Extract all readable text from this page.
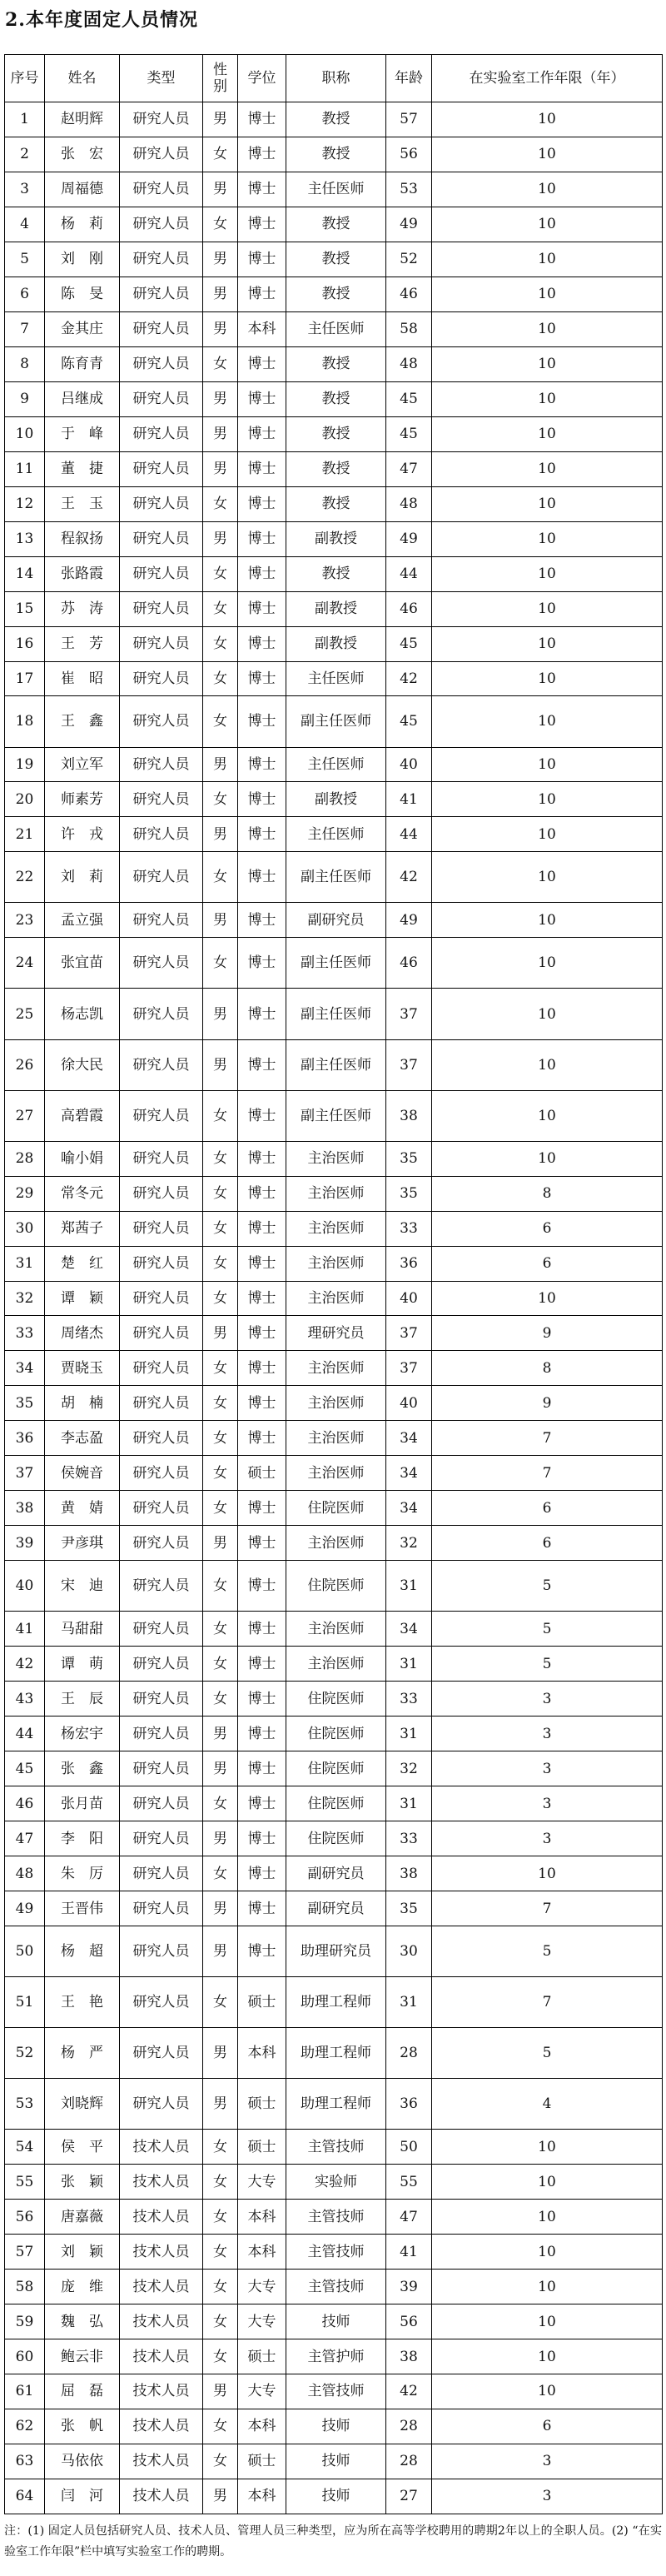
2.本年度固定人员情况
序号	姓名	类型	性别	学位	职称	年龄	在实验室工作年限（年）
1	赵明辉	研究人员	男	博士	教授	57	10
2	张　宏	研究人员	女	博士	教授	56	10
3	周福德	研究人员	男	博士	主任医师	53	10
4	杨　莉	研究人员	女	博士	教授	49	10
5	刘　刚	研究人员	男	博士	教授	52	10
6	陈　旻	研究人员	男	博士	教授	46	10
7	金其庄	研究人员	男	本科	主任医师	58	10
8	陈育青	研究人员	女	博士	教授	48	10
9	吕继成	研究人员	男	博士	教授	45	10
10	于　峰	研究人员	男	博士	教授	45	10
11	董　捷	研究人员	男	博士	教授	47	10
12	王　玉	研究人员	女	博士	教授	48	10
13	程叙扬	研究人员	男	博士	副教授	49	10
14	张路霞	研究人员	女	博士	教授	44	10
15	苏　涛	研究人员	女	博士	副教授	46	10
16	王　芳	研究人员	女	博士	副教授	45	10
17	崔　昭	研究人员	女	博士	主任医师	42	10
18	王　鑫	研究人员	女	博士	副主任医师	45	10
19	刘立军	研究人员	男	博士	主任医师	40	10
20	师素芳	研究人员	女	博士	副教授	41	10
21	许　戎	研究人员	男	博士	主任医师	44	10
22	刘　莉	研究人员	女	博士	副主任医师	42	10
23	孟立强	研究人员	男	博士	副研究员	49	10
24	张宜苗	研究人员	女	博士	副主任医师	46	10
25	杨志凯	研究人员	男	博士	副主任医师	37	10
26	徐大民	研究人员	男	博士	副主任医师	37	10
27	高碧霞	研究人员	女	博士	副主任医师	38	10
28	喻小娟	研究人员	女	博士	主治医师	35	10
29	常冬元	研究人员	女	博士	主治医师	35	8
30	郑茜子	研究人员	女	博士	主治医师	33	6
31	楚　红	研究人员	女	博士	主治医师	36	6
32	谭　颖	研究人员	女	博士	主治医师	40	10
33	周绪杰	研究人员	男	博士	理研究员	37	9
34	贾晓玉	研究人员	女	博士	主治医师	37	8
35	胡　楠	研究人员	女	博士	主治医师	40	9
36	李志盈	研究人员	女	博士	主治医师	34	7
37	侯婉音	研究人员	女	硕士	主治医师	34	7
38	黄　婧	研究人员	女	博士	住院医师	34	6
39	尹彦琪	研究人员	男	博士	主治医师	32	6
40	宋　迪	研究人员	女	博士	住院医师	31	5
41	马甜甜	研究人员	女	博士	主治医师	34	5
42	谭　萌	研究人员	女	博士	主治医师	31	5
43	王　辰	研究人员	女	博士	住院医师	33	3
44	杨宏宇	研究人员	男	博士	住院医师	31	3
45	张　鑫	研究人员	男	博士	住院医师	32	3
46	张月苗	研究人员	女	博士	住院医师	31	3
47	李　阳	研究人员	男	博士	住院医师	33	3
48	朱　厉	研究人员	女	博士	副研究员	38	10
49	王晋伟	研究人员	男	博士	副研究员	35	7
50	杨　超	研究人员	男	博士	助理研究员	30	5
51	王　艳	研究人员	女	硕士	助理工程师	31	7
52	杨　严	研究人员	男	本科	助理工程师	28	5
53	刘晓辉	研究人员	男	硕士	助理工程师	36	4
54	侯　平	技术人员	女	硕士	主管技师	50	10
55	张　颖	技术人员	女	大专	实验师	55	10
56	唐嘉薇	技术人员	女	本科	主管技师	47	10
57	刘　颖	技术人员	女	本科	主管技师	41	10
58	庞　维	技术人员	女	大专	主管技师	39	10
59	魏　弘	技术人员	女	大专	技师	56	10
60	鲍云非	技术人员	女	硕士	主管护师	38	10
61	屈　磊	技术人员	男	大专	主管技师	42	10
62	张　帆	技术人员	女	本科	技师	28	6
63	马依依	技术人员	女	硕士	技师	28	3
64	闫　河	技术人员	男	本科	技师	27	3
注：(1) 固定人员包括研究人员、技术人员、管理人员三种类型，应为所在高等学校聘用的聘期2年以上的全职人员。(2) “在实验室工作年限”栏中填写实验室工作的聘期。
